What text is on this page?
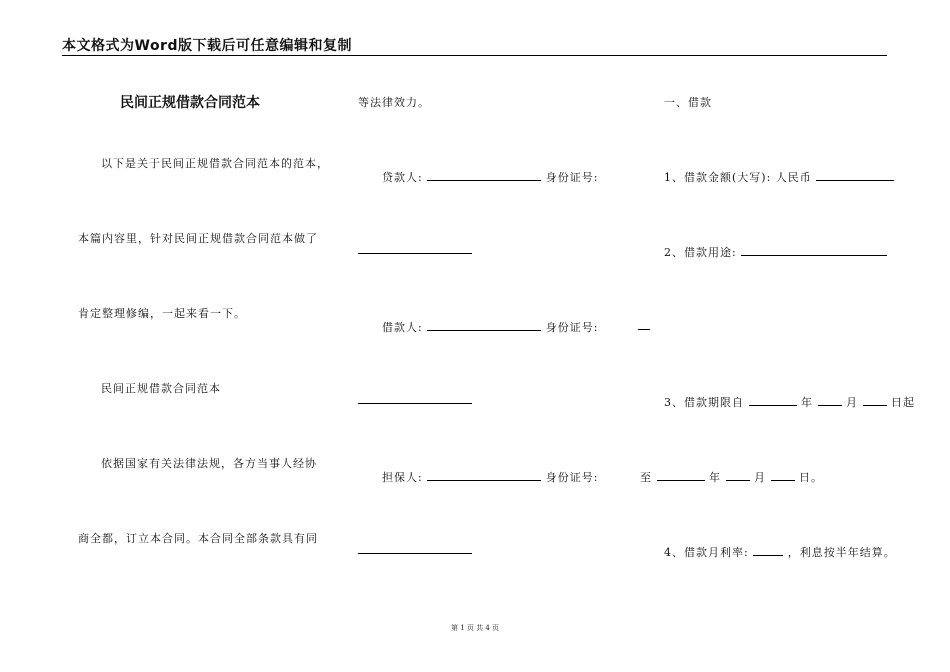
本文格式为Word版下载后可任意编辑和复制
民间正规借款合同范本
以下是关于民间正规借款合同范本的范本，
本篇内容里，针对民间正规借款合同范本做了
肯定整理修编，一起来看一下。
民间正规借款合同范本
依据国家有关法律法规，各方当事人经协
商全都，订立本合同。本合同全部条款具有同
等法律效力。
贷款人:	身份证号:
借款人:	身份证号:
担保人:	身份证号:
一、借款
1、借款金额(大写): 人民币
2、借款用途:
3、借款期限自	年	月	日起
至	年	月	日。
4、借款月利率:	，利息按半年结算。
第 1 页 共 4 页
